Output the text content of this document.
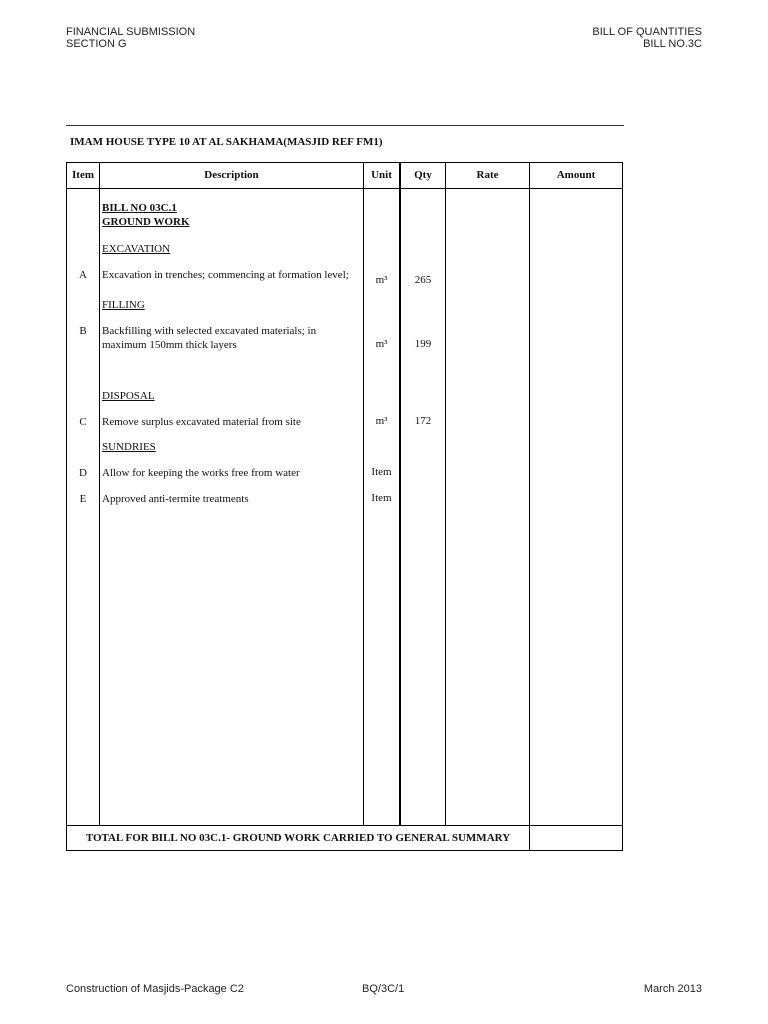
FINANCIAL SUBMISSION
SECTION G
BILL OF QUANTITIES
BILL NO.3C
IMAM HOUSE TYPE 10 AT AL SAKHAMA(MASJID REF FM1)
Item	Description	Unit	Qty	Rate	Amount
BILL NO 03C.1
GROUND WORK
EXCAVATION
A	Excavation in trenches; commencing at formation level;	m³	265
FILLING
B	Backfilling with selected excavated materials; in
maximum 150mm thick layers	m³	199
DISPOSAL
C	Remove surplus excavated material from site	m³	172
SUNDRIES
D	Allow for keeping the works free from water	Item
E	Approved anti-termite treatments	Item
TOTAL FOR BILL NO 03C.1- GROUND WORK CARRIED TO GENERAL SUMMARY
Construction of Masjids-Package C2	BQ/3C/1	March 2013
